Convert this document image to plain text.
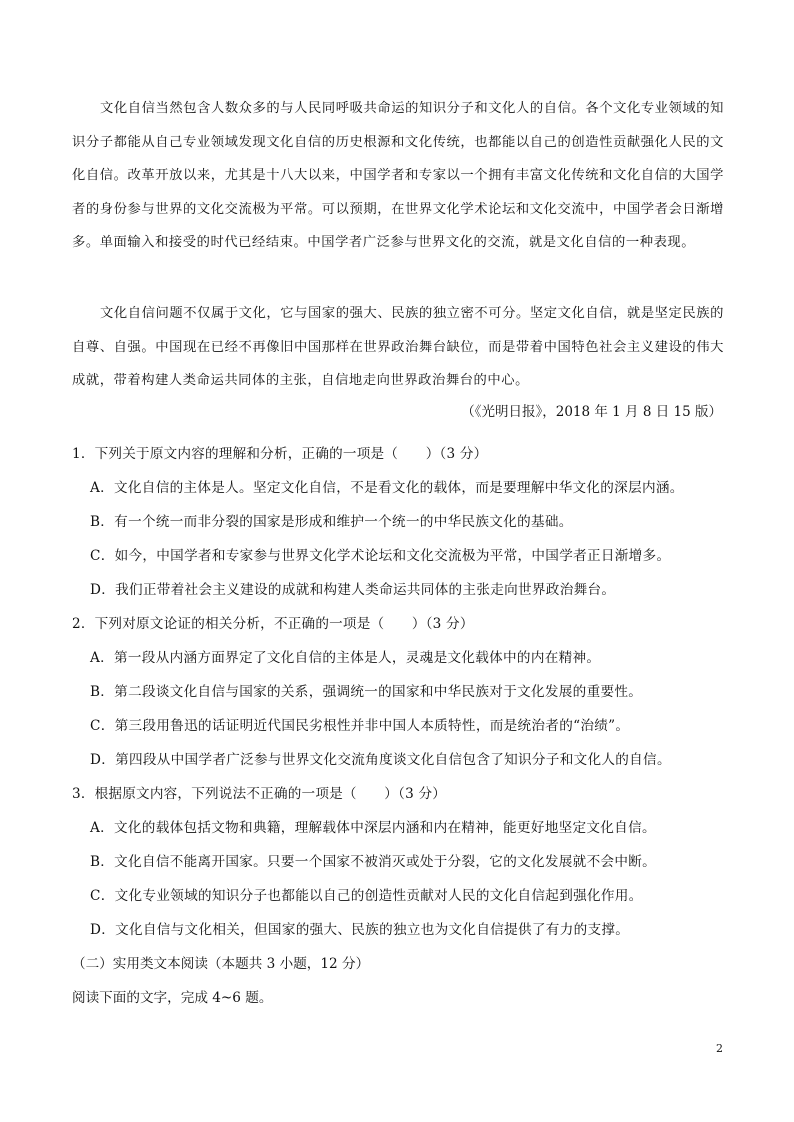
文化自信当然包含人数众多的与人民同呼吸共命运的知识分子和文化人的自信。各个文化专业领域的知识分子都能从自己专业领域发现文化自信的历史根源和文化传统，也都能以自己的创造性贡献强化人民的文化自信。改革开放以来，尤其是十八大以来，中国学者和专家以一个拥有丰富文化传统和文化自信的大国学者的身份参与世界的文化交流极为平常。可以预期，在世界文化学术论坛和文化交流中，中国学者会日渐增多。单面输入和接受的时代已经结束。中国学者广泛参与世界文化的交流，就是文化自信的一种表现。
文化自信问题不仅属于文化，它与国家的强大、民族的独立密不可分。坚定文化自信，就是坚定民族的自尊、自强。中国现在已经不再像旧中国那样在世界政治舞台缺位，而是带着中国特色社会主义建设的伟大成就，带着构建人类命运共同体的主张，自信地走向世界政治舞台的中心。
（《光明日报》，2018 年 1 月 8 日 15 版）
1．下列关于原文内容的理解和分析，正确的一项是（　　）（3 分）
A．文化自信的主体是人。坚定文化自信，不是看文化的载体，而是要理解中华文化的深层内涵。
B．有一个统一而非分裂的国家是形成和维护一个统一的中华民族文化的基础。
C．如今，中国学者和专家参与世界文化学术论坛和文化交流极为平常，中国学者正日渐增多。
D．我们正带着社会主义建设的成就和构建人类命运共同体的主张走向世界政治舞台。
2．下列对原文论证的相关分析，不正确的一项是（　　）（3 分）
A．第一段从内涵方面界定了文化自信的主体是人，灵魂是文化载体中的内在精神。
B．第二段谈文化自信与国家的关系，强调统一的国家和中华民族对于文化发展的重要性。
C．第三段用鲁迅的话证明近代国民劣根性并非中国人本质特性，而是统治者的“治绩”。
D．第四段从中国学者广泛参与世界文化交流角度谈文化自信包含了知识分子和文化人的自信。
3．根据原文内容，下列说法不正确的一项是（　　）（3 分）
A．文化的载体包括文物和典籍，理解载体中深层内涵和内在精神，能更好地坚定文化自信。
B．文化自信不能离开国家。只要一个国家不被消灭或处于分裂，它的文化发展就不会中断。
C．文化专业领域的知识分子也都能以自己的创造性贡献对人民的文化自信起到强化作用。
D．文化自信与文化相关，但国家的强大、民族的独立也为文化自信提供了有力的支撑。
（二）实用类文本阅读（本题共 3 小题，12 分）
阅读下面的文字，完成 4~6 题。
2
